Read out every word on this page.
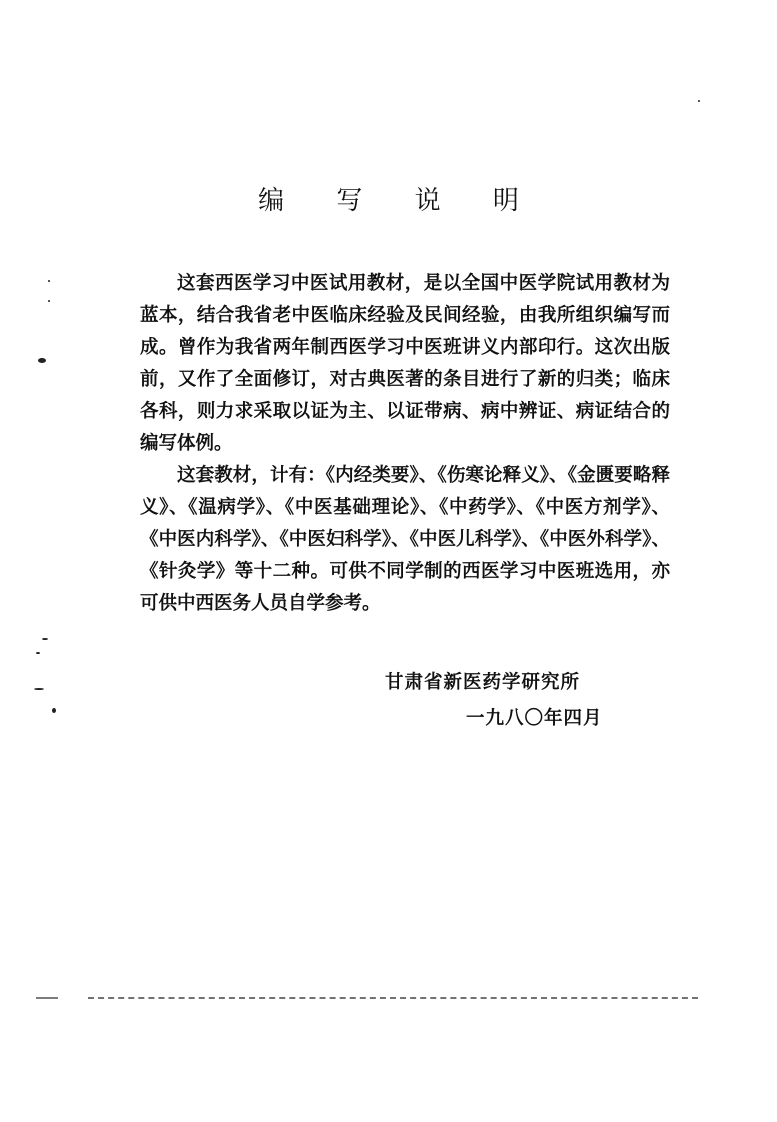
编 写 说 明

这套西医学习中医试用教材，是以全国中医学院试用教材为蓝本，结合我省老中医临床经验及民间经验，由我所组织编写而成。曾作为我省两年制西医学习中医班讲义内部印行。这次出版前，又作了全面修订，对古典医著的条目进行了新的归类；临床各科，则力求采取以证为主、以证带病、病中辨证、病证结合的编写体例。

这套教材，计有：《内经类要》、《伤寒论释义》、《金匮要略释义》、《温病学》、《中医基础理论》、《中药学》、《中医方剂学》、《中医内科学》、《中医妇科学》、《中医儿科学》、《中医外科学》、《针灸学》等十二种。可供不同学制的西医学习中医班选用，亦可供中西医务人员自学参考。

甘肃省新医药学研究所
一九八〇年四月
